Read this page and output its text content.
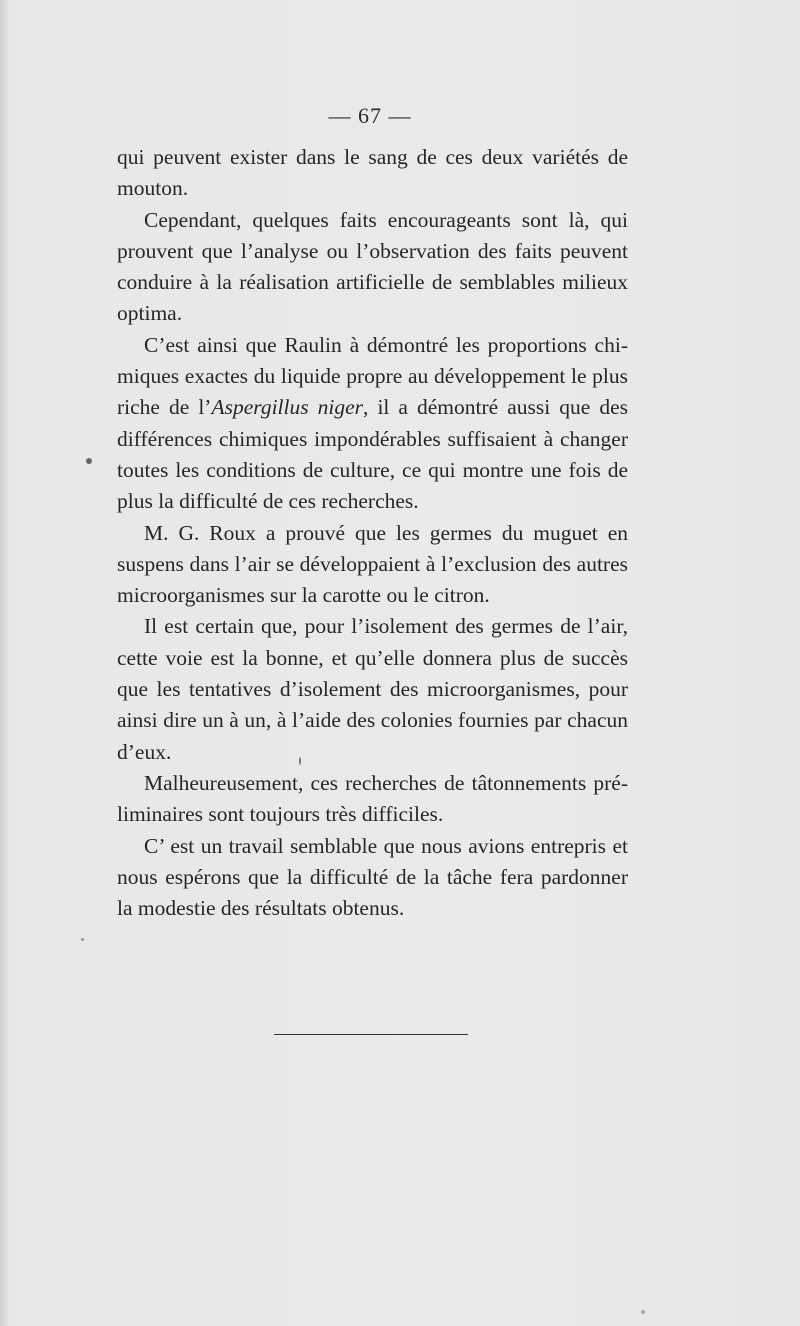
— 67 —

qui peuvent exister dans le sang de ces deux variétés de mouton.

Cependant, quelques faits encourageants sont là, qui prouvent que l’analyse ou l’observation des faits peuvent conduire à la réalisation artificielle de semblables milieux optima.

C’est ainsi que Raulin à démontré les proportions chimiques exactes du liquide propre au développement le plus riche de l’Aspergillus niger, il a démontré aussi que des différences chimiques impondérables suffisaient à changer toutes les conditions de culture, ce qui montre une fois de plus la difficulté de ces recherches.

M. G. Roux a prouvé que les germes du muguet en suspens dans l’air se développaient à l’exclusion des autres microorganismes sur la carotte ou le citron.

Il est certain que, pour l’isolement des germes de l’air, cette voie est la bonne, et qu’elle donnera plus de succès que les tentatives d’isolement des microorganismes, pour ainsi dire un à un, à l’aide des colonies fournies par chacun d’eux.

Malheureusement, ces recherches de tâtonnements préliminaires sont toujours très difficiles.

C’ est un travail semblable que nous avions entrepris et nous espérons que la difficulté de la tâche fera pardonner la modestie des résultats obtenus.
